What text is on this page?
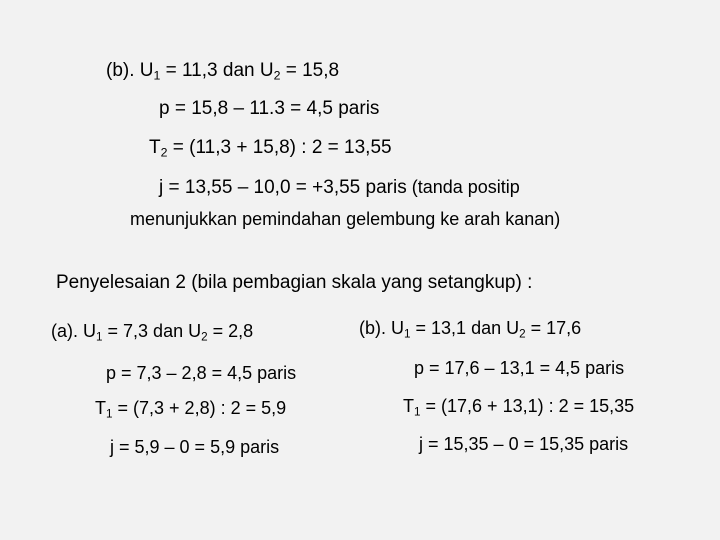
(b). $U_1 = 11,3$ dan $U_2 = 15,8$
p = 15,8 – 11.3 = 4,5 paris
$T_2 = (11,3 + 15,8)$ : 2 = 13,55
j = 13,55 – 10,0 = +3,55 paris (tanda positip
menunjukkan pemindahan gelembung ke arah kanan)
Penyelesaian 2 (bila pembagian skala yang setangkup) :
(a). $U_1 = 7,3$ dan $U_2 = 2,8$
p = 7,3 – 2,8 = 4,5 paris
$T_1 = (7,3 + 2,8)$ : 2 = 5,9
j = 5,9 – 0 = 5,9 paris
(b). $U_1 = 13,1$ dan $U_2 = 17,6$
p = 17,6 – 13,1 = 4,5 paris
$T_1 = (17,6 + 13,1)$ : 2 = 15,35
j = 15,35 – 0 = 15,35 paris
